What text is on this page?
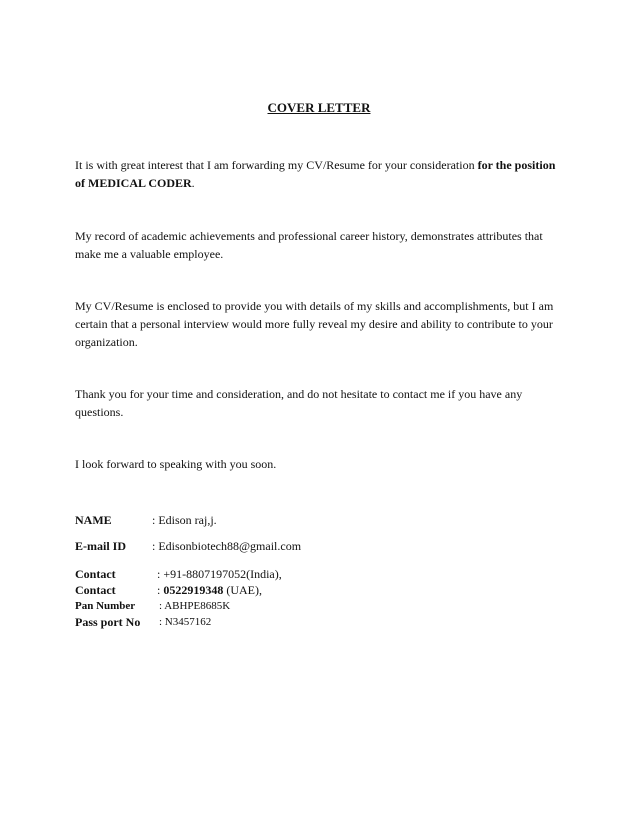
COVER LETTER

It is with great interest that I am forwarding my CV/Resume for your consideration for the position of MEDICAL CODER.

My record of academic achievements and professional career history, demonstrates attributes that make me a valuable employee.

My CV/Resume is enclosed to provide you with details of my skills and accomplishments, but I am certain that a personal interview would more fully reveal my desire and ability to contribute to your organization.

Thank you for your time and consideration, and do not hesitate to contact me if you have any questions.

I look forward to speaking with you soon.

NAME	: Edison raj,j.
E-mail ID : Edisonbiotech88@gmail.com
Contact	: +91-8807197052(India),
Contact	: 0522919348 (UAE),
Pan Number : ABHPE8685K
Pass port No : N3457162
